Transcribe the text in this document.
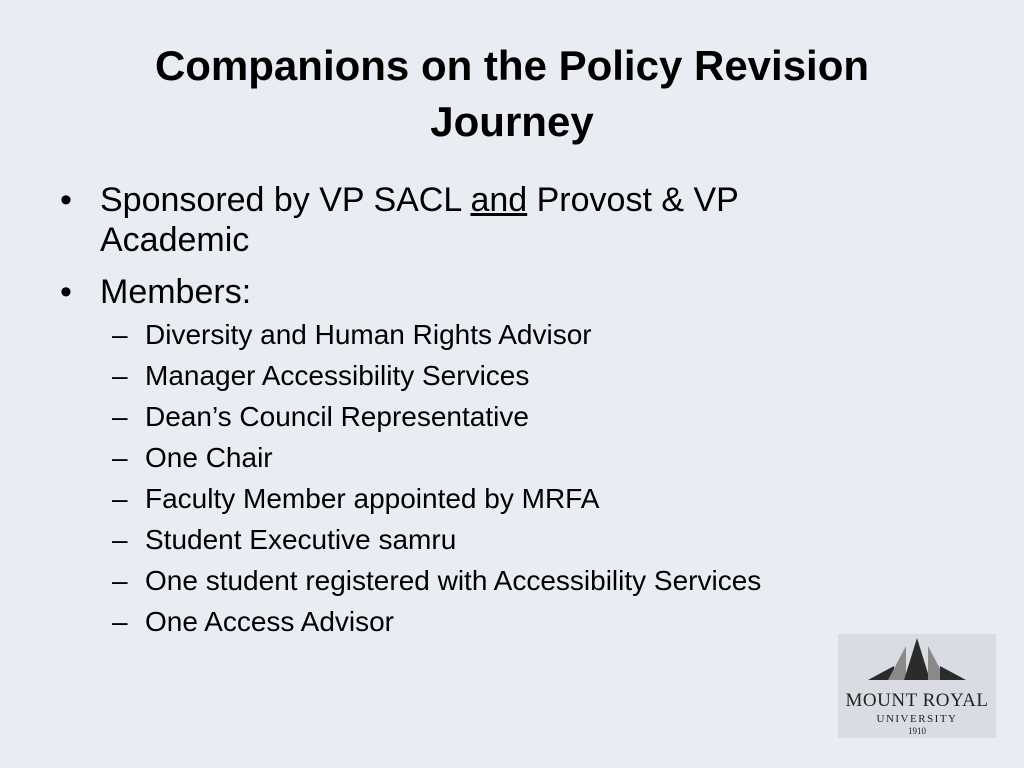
Companions on the Policy Revision
Journey
• Sponsored by VP SACL and Provost & VP Academic
• Members:
– Diversity and Human Rights Advisor
– Manager Accessibility Services
– Dean’s Council Representative
– One Chair
– Faculty Member appointed by MRFA
– Student Executive samru
– One student registered with Accessibility Services
– One Access Advisor
MOUNT ROYAL
UNIVERSITY
1910
